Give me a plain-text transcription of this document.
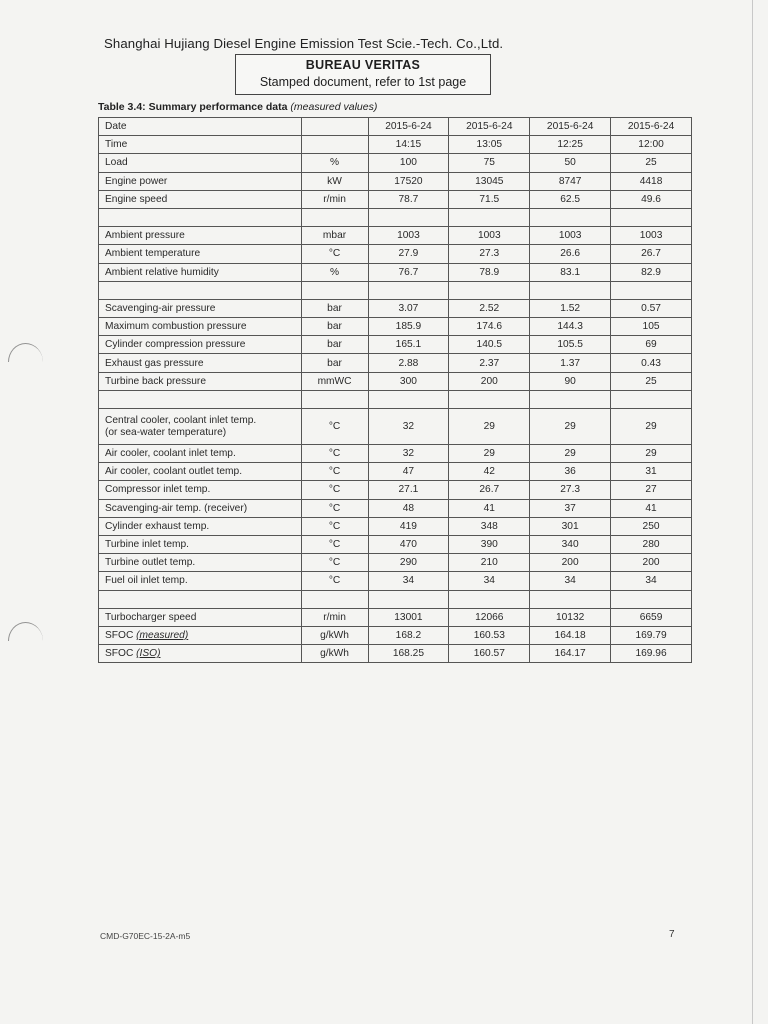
Shanghai Hujiang Diesel Engine Emission Test Scie.-Tech. Co.,Ltd.
BUREAU VERITAS
Stamped document, refer to 1st page
Table 3.4: Summary performance data (measured values)
Date		2015-6-24	2015-6-24	2015-6-24	2015-6-24
Time		14:15	13:05	12:25	12:00
Load	%	100	75	50	25
Engine power	kW	17520	13045	8747	4418
Engine speed	r/min	78.7	71.5	62.5	49.6

Ambient pressure	mbar	1003	1003	1003	1003
Ambient temperature	°C	27.9	27.3	26.6	26.7
Ambient relative humidity	%	76.7	78.9	83.1	82.9

Scavenging-air pressure	bar	3.07	2.52	1.52	0.57
Maximum combustion pressure	bar	185.9	174.6	144.3	105
Cylinder compression pressure	bar	165.1	140.5	105.5	69
Exhaust gas pressure	bar	2.88	2.37	1.37	0.43
Turbine back pressure	mmWC	300	200	90	25

Central cooler, coolant inlet temp.
(or sea-water temperature)	°C	32	29	29	29
Air cooler, coolant inlet temp.	°C	32	29	29	29
Air cooler, coolant outlet temp.	°C	47	42	36	31
Compressor inlet temp.	°C	27.1	26.7	27.3	27
Scavenging-air temp. (receiver)	°C	48	41	37	41
Cylinder exhaust temp.	°C	419	348	301	250
Turbine inlet temp.	°C	470	390	340	280
Turbine outlet temp.	°C	290	210	200	200
Fuel oil inlet temp.	°C	34	34	34	34

Turbocharger speed	r/min	13001	12066	10132	6659
SFOC (measured)	g/kWh	168.2	160.53	164.18	169.79
SFOC (ISO)	g/kWh	168.25	160.57	164.17	169.96
CMD-G70EC-15-2A-m5	7
